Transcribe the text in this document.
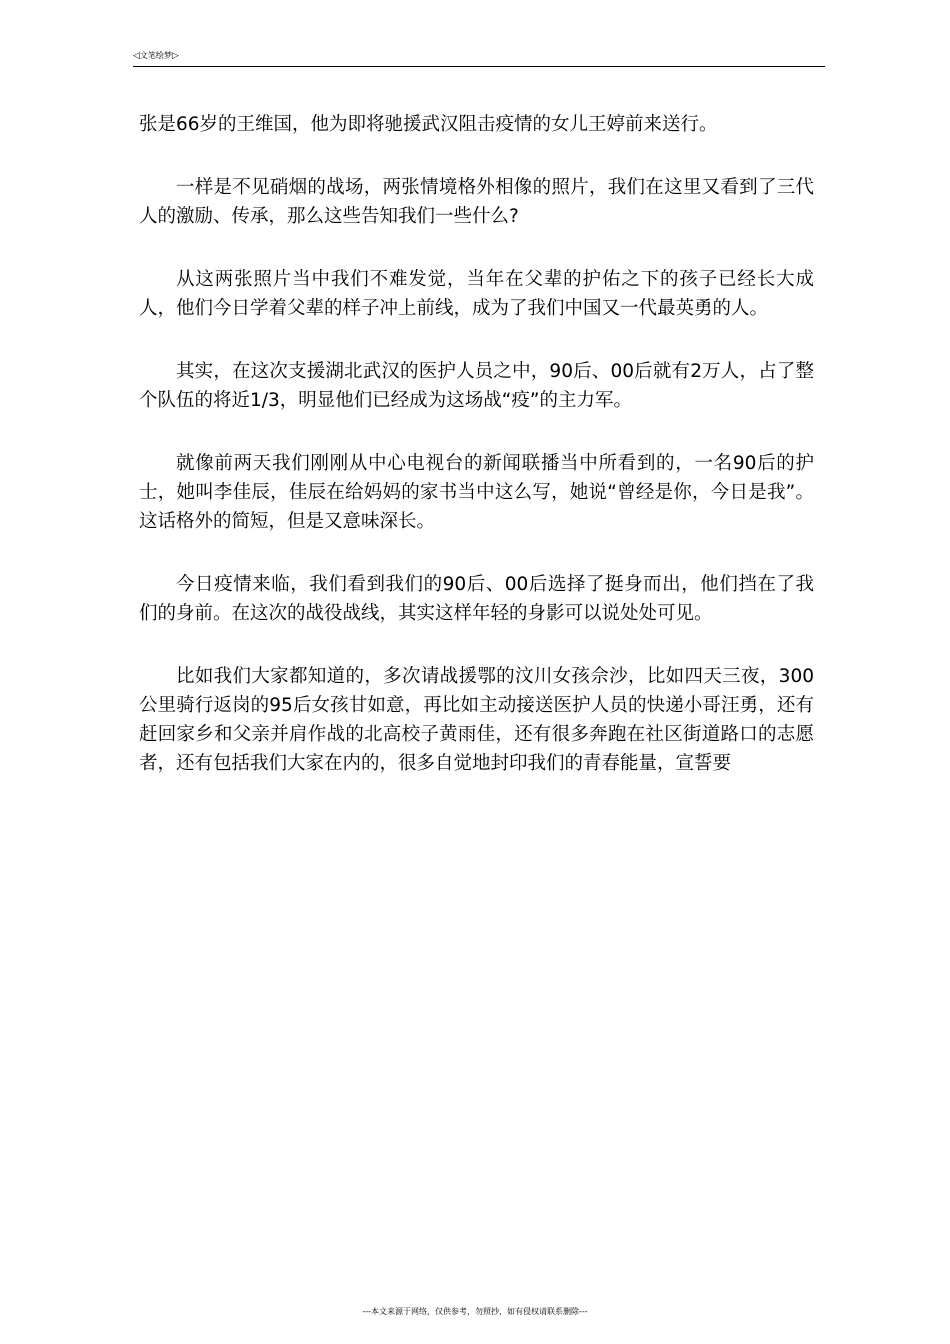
◁文笔绘梦▷

张是66岁的王维国，他为即将驰援武汉阻击疫情的女儿王婷前来送行。

一样是不见硝烟的战场，两张情境格外相像的照片，我们在这里又看到了三代人的激励、传承，那么这些告知我们一些什么?

从这两张照片当中我们不难发觉，当年在父辈的护佑之下的孩子已经长大成人，他们今日学着父辈的样子冲上前线，成为了我们中国又一代最英勇的人。

其实，在这次支援湖北武汉的医护人员之中，90后、00后就有2万人，占了整个队伍的将近1/3，明显他们已经成为这场战“疫”的主力军。

就像前两天我们刚刚从中心电视台的新闻联播当中所看到的，一名90后的护士，她叫李佳辰，佳辰在给妈妈的家书当中这么写，她说“曾经是你，今日是我”。这话格外的简短，但是又意味深长。

今日疫情来临，我们看到我们的90后、00后选择了挺身而出，他们挡在了我们的身前。在这次的战役战线，其实这样年轻的身影可以说处处可见。

比如我们大家都知道的，多次请战援鄂的汶川女孩佘沙，比如四天三夜，300公里骑行返岗的95后女孩甘如意，再比如主动接送医护人员的快递小哥汪勇，还有赶回家乡和父亲并肩作战的北高校子黄雨佳，还有很多奔跑在社区街道路口的志愿者，还有包括我们大家在内的，很多自觉地封印我们的青春能量，宣誓要

---本文来源于网络，仅供参考，勿照抄，如有侵权请联系删除---
